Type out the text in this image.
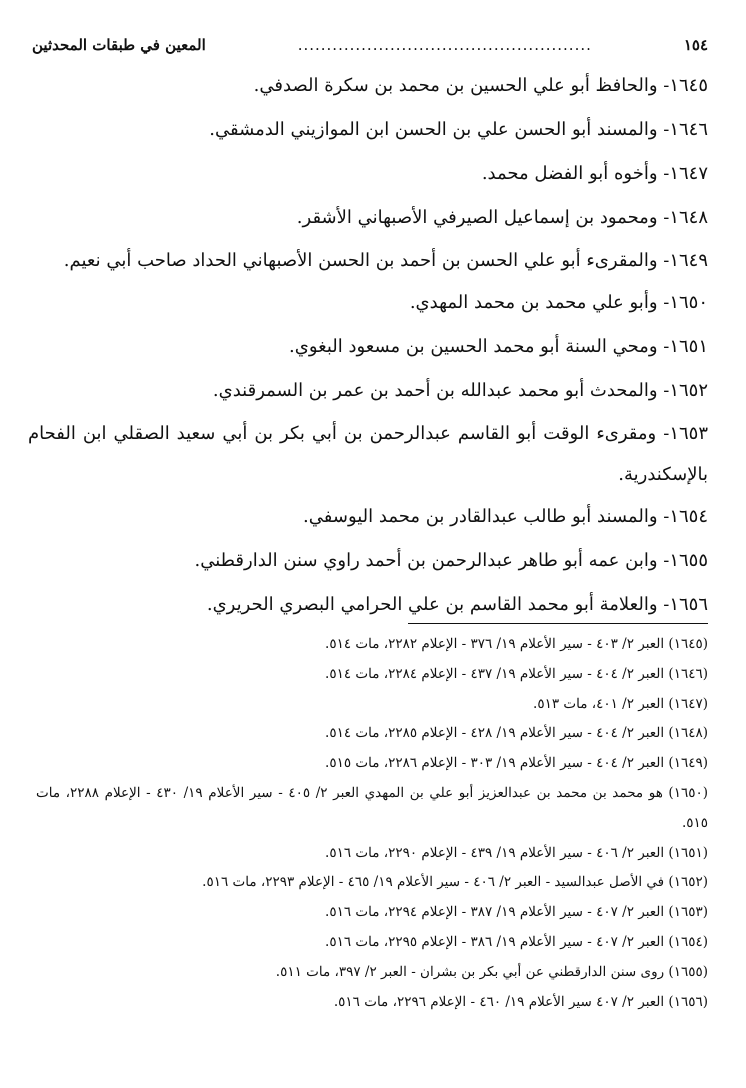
١٥٤
...................................................
المعين في طبقات المحدثين
١٦٤٥- والحافظ أبو علي الحسين بن محمد بن سكرة الصدفي.
١٦٤٦- والمسند أبو الحسن علي بن الحسن ابن الموازيني الدمشقي.
١٦٤٧- وأخوه أبو الفضل محمد.
١٦٤٨- ومحمود بن إسماعيل الصيرفي الأصبهاني الأشقر.
١٦٤٩- والمقرىء أبو علي الحسن بن أحمد بن الحسن الأصبهاني الحداد صاحب أبي نعيم.
١٦٥٠- وأبو علي محمد بن محمد المهدي.
١٦٥١- ومحي السنة أبو محمد الحسين بن مسعود البغوي.
١٦٥٢- والمحدث أبو محمد عبدالله بن أحمد بن عمر بن السمرقندي.
١٦٥٣- ومقرىء الوقت أبو القاسم عبدالرحمن بن أبي بكر بن أبي سعيد الصقلي ابن الفحام بالإسكندرية.
١٦٥٤- والمسند أبو طالب عبدالقادر بن محمد اليوسفي.
١٦٥٥- وابن عمه أبو طاهر عبدالرحمن بن أحمد راوي سنن الدارقطني.
١٦٥٦- والعلامة أبو محمد القاسم بن علي الحرامي البصري الحريري.
(١٦٤٥) العبر ٢/ ٤٠٣ - سير الأعلام ١٩/ ٣٧٦ - الإعلام ٢٢٨٢، مات ٥١٤.
(١٦٤٦) العبر ٢/ ٤٠٤ - سير الأعلام ١٩/ ٤٣٧ - الإعلام ٢٢٨٤، مات ٥١٤.
(١٦٤٧) العبر ٢/ ٤٠١، مات ٥١٣.
(١٦٤٨) العبر ٢/ ٤٠٤ - سير الأعلام ١٩/ ٤٢٨ - الإعلام ٢٢٨٥، مات ٥١٤.
(١٦٤٩) العبر ٢/ ٤٠٤ - سير الأعلام ١٩/ ٣٠٣ - الإعلام ٢٢٨٦، مات ٥١٥.
(١٦٥٠) هو محمد بن محمد بن عبدالعزيز أبو علي بن المهدي العبر ٢/ ٤٠٥ - سير الأعلام ١٩/ ٤٣٠ - الإعلام ٢٢٨٨، مات ٥١٥.
(١٦٥١) العبر ٢/ ٤٠٦ - سير الأعلام ١٩/ ٤٣٩ - الإعلام ٢٢٩٠، مات ٥١٦.
(١٦٥٢) في الأصل عبدالسيد - العبر ٢/ ٤٠٦ - سير الأعلام ١٩/ ٤٦٥ - الإعلام ٢٢٩٣، مات ٥١٦.
(١٦٥٣) العبر ٢/ ٤٠٧ - سير الأعلام ١٩/ ٣٨٧ - الإعلام ٢٢٩٤، مات ٥١٦.
(١٦٥٤) العبر ٢/ ٤٠٧ - سير الأعلام ١٩/ ٣٨٦ - الإعلام ٢٢٩٥، مات ٥١٦.
(١٦٥٥) روى سنن الدارقطني عن أبي بكر بن بشران - العبر ٢/ ٣٩٧، مات ٥١١.
(١٦٥٦) العبر ٢/ ٤٠٧ سير الأعلام ١٩/ ٤٦٠ - الإعلام ٢٢٩٦، مات ٥١٦.
